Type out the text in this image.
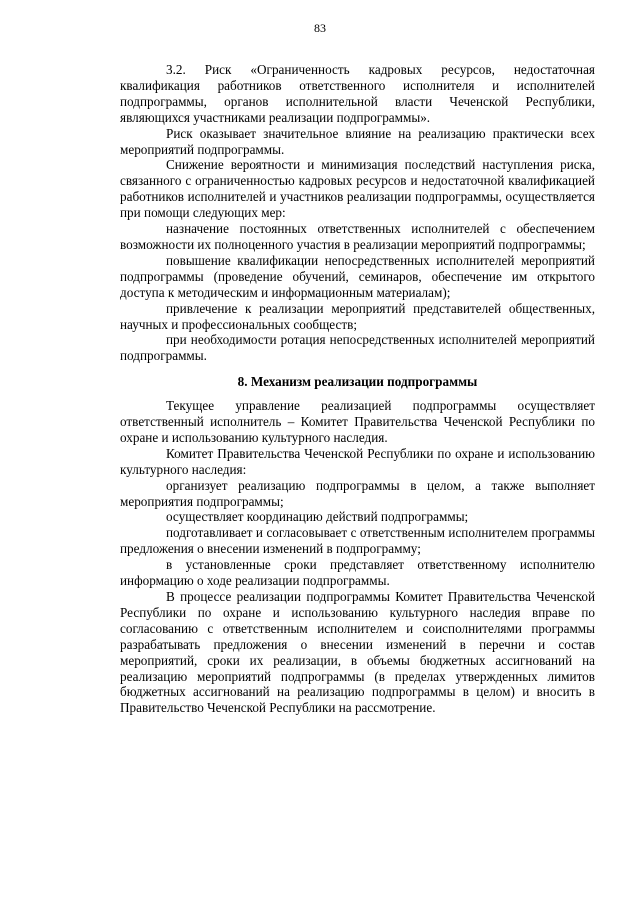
83

3.2. Риск «Ограниченность кадровых ресурсов, недостаточная квалификация работников ответственного исполнителя и исполнителей подпрограммы, органов исполнительной власти Чеченской Республики, являющихся участниками реализации подпрограммы».

Риск оказывает значительное влияние на реализацию практически всех мероприятий подпрограммы.

Снижение вероятности и минимизация последствий наступления риска, связанного с ограниченностью кадровых ресурсов и недостаточной квалификацией работников исполнителей и участников реализации подпрограммы, осуществляется при помощи следующих мер:

назначение постоянных ответственных исполнителей с обеспечением возможности их полноценного участия в реализации мероприятий подпрограммы;

повышение квалификации непосредственных исполнителей мероприятий подпрограммы (проведение обучений, семинаров, обеспечение им открытого доступа к методическим и информационным материалам);

привлечение к реализации мероприятий представителей общественных, научных и профессиональных сообществ;

при необходимости ротация непосредственных исполнителей мероприятий подпрограммы.

8. Механизм реализации подпрограммы

Текущее управление реализацией подпрограммы осуществляет ответственный исполнитель – Комитет Правительства Чеченской Республики по охране и использованию культурного наследия.

Комитет Правительства Чеченской Республики по охране и использованию культурного наследия:

организует реализацию подпрограммы в целом, а также выполняет мероприятия подпрограммы;

осуществляет координацию действий подпрограммы;

подготавливает и согласовывает с ответственным исполнителем программы предложения о внесении изменений в подпрограмму;

в установленные сроки представляет ответственному исполнителю информацию о ходе реализации подпрограммы.

В процессе реализации подпрограммы Комитет Правительства Чеченской Республики по охране и использованию культурного наследия вправе по согласованию с ответственным исполнителем и соисполнителями программы разрабатывать предложения о внесении изменений в перечни и состав мероприятий, сроки их реализации, в объемы бюджетных ассигнований на реализацию мероприятий подпрограммы (в пределах утвержденных лимитов бюджетных ассигнований на реализацию подпрограммы в целом) и вносить в Правительство Чеченской Республики на рассмотрение.
